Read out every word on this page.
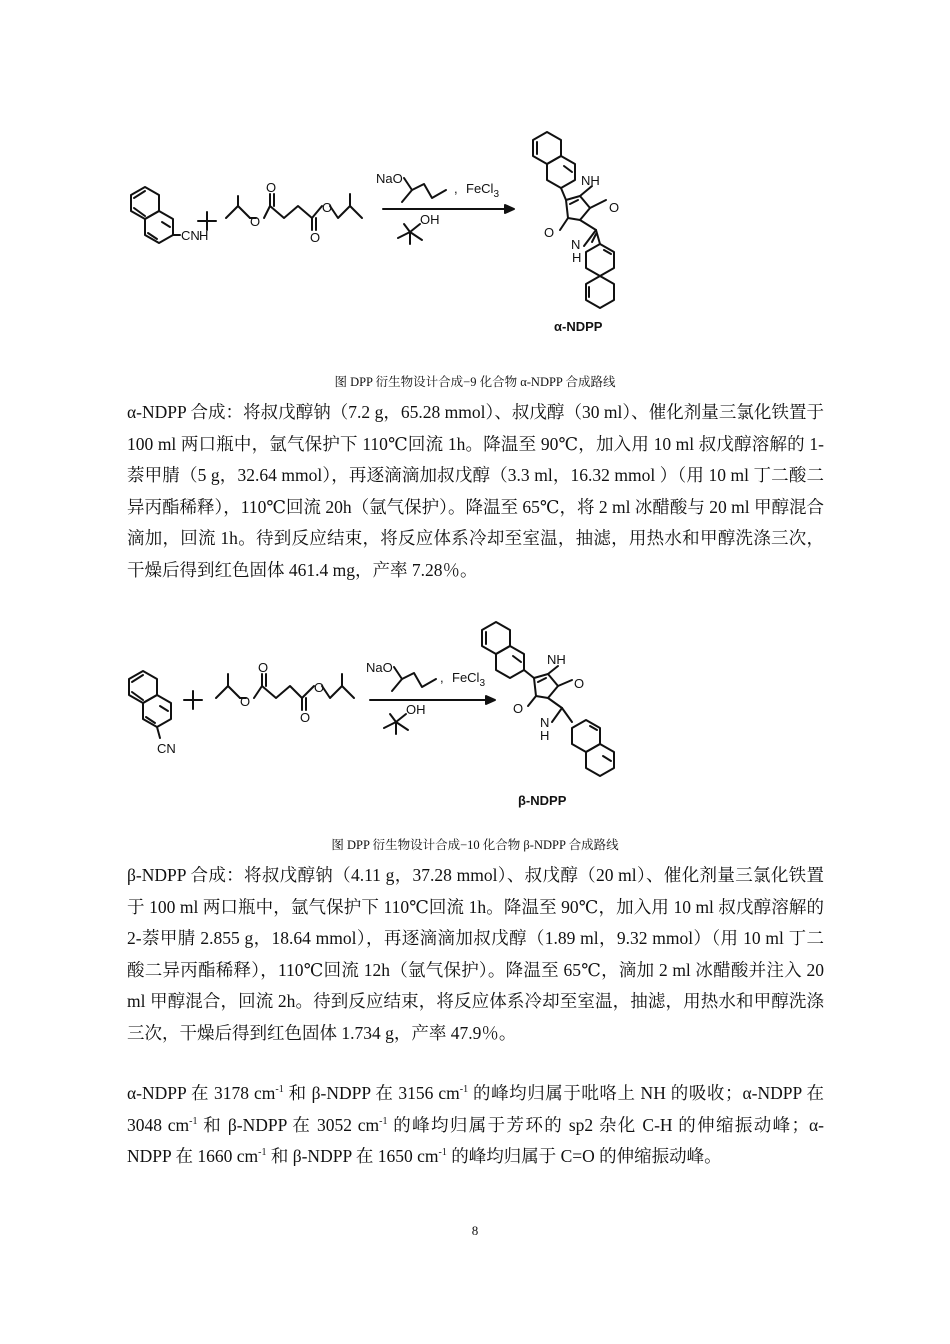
CN H
O
O
O
O
NaO
, FeCl$_3$
OH
NH
O
O
N
H
α-NDPP
图 DPP 衍生物设计合成−9 化合物 α-NDPP 合成路线

α-NDPP 合成：将叔戊醇钠（7.2 g，65.28 mmol）、叔戊醇（30 ml）、催化剂量三氯化铁置于 100 ml 两口瓶中，氩气保护下 110℃回流 1h。降温至 90℃，加入用 10 ml 叔戊醇溶解的 1-萘甲腈（5 g，32.64 mmol），再逐滴滴加叔戊醇（3.3 ml，16.32 mmol ）（用 10 ml 丁二酸二异丙酯稀释），110℃回流 20h（氩气保护）。降温至 65℃，将 2 ml 冰醋酸与 20 ml 甲醇混合滴加，回流 1h。待到反应结束，将反应体系冷却至室温，抽滤，用热水和甲醇洗涤三次，干燥后得到红色固体 461.4 mg，产率 7.28％。

CN
O
O
O
O
NaO
, FeCl$_3$
OH
NH
O
O
N
H
β-NDPP
图 DPP 衍生物设计合成−10 化合物 β-NDPP 合成路线

β-NDPP 合成：将叔戊醇钠（4.11 g，37.28 mmol）、叔戊醇（20 ml）、催化剂量三氯化铁置于 100 ml 两口瓶中，氩气保护下 110℃回流 1h。降温至 90℃，加入用 10 ml 叔戊醇溶解的 2-萘甲腈 2.855 g，18.64 mmol），再逐滴滴加叔戊醇（1.89 ml，9.32 mmol）（用 10 ml 丁二酸二异丙酯稀释），110℃回流 12h（氩气保护）。降温至 65℃，滴加 2 ml 冰醋酸并注入 20 ml 甲醇混合，回流 2h。待到反应结束，将反应体系冷却至室温，抽滤，用热水和甲醇洗涤三次，干燥后得到红色固体 1.734 g，产率 47.9％。

α-NDPP 在 3178 $cm^{-1}$ 和 β-NDPP 在 3156 $cm^{-1}$ 的峰均归属于吡咯上 NH 的吸收；α-NDPP 在 3048 $cm^{-1}$ 和 β-NDPP 在 3052 $cm^{-1}$ 的峰均归属于芳环的 sp2 杂化 C-H 的伸缩振动峰；α-NDPP 在 1660 $cm^{-1}$ 和 β-NDPP 在 1650 $cm^{-1}$ 的峰均归属于 C=O 的伸缩振动峰。

8
